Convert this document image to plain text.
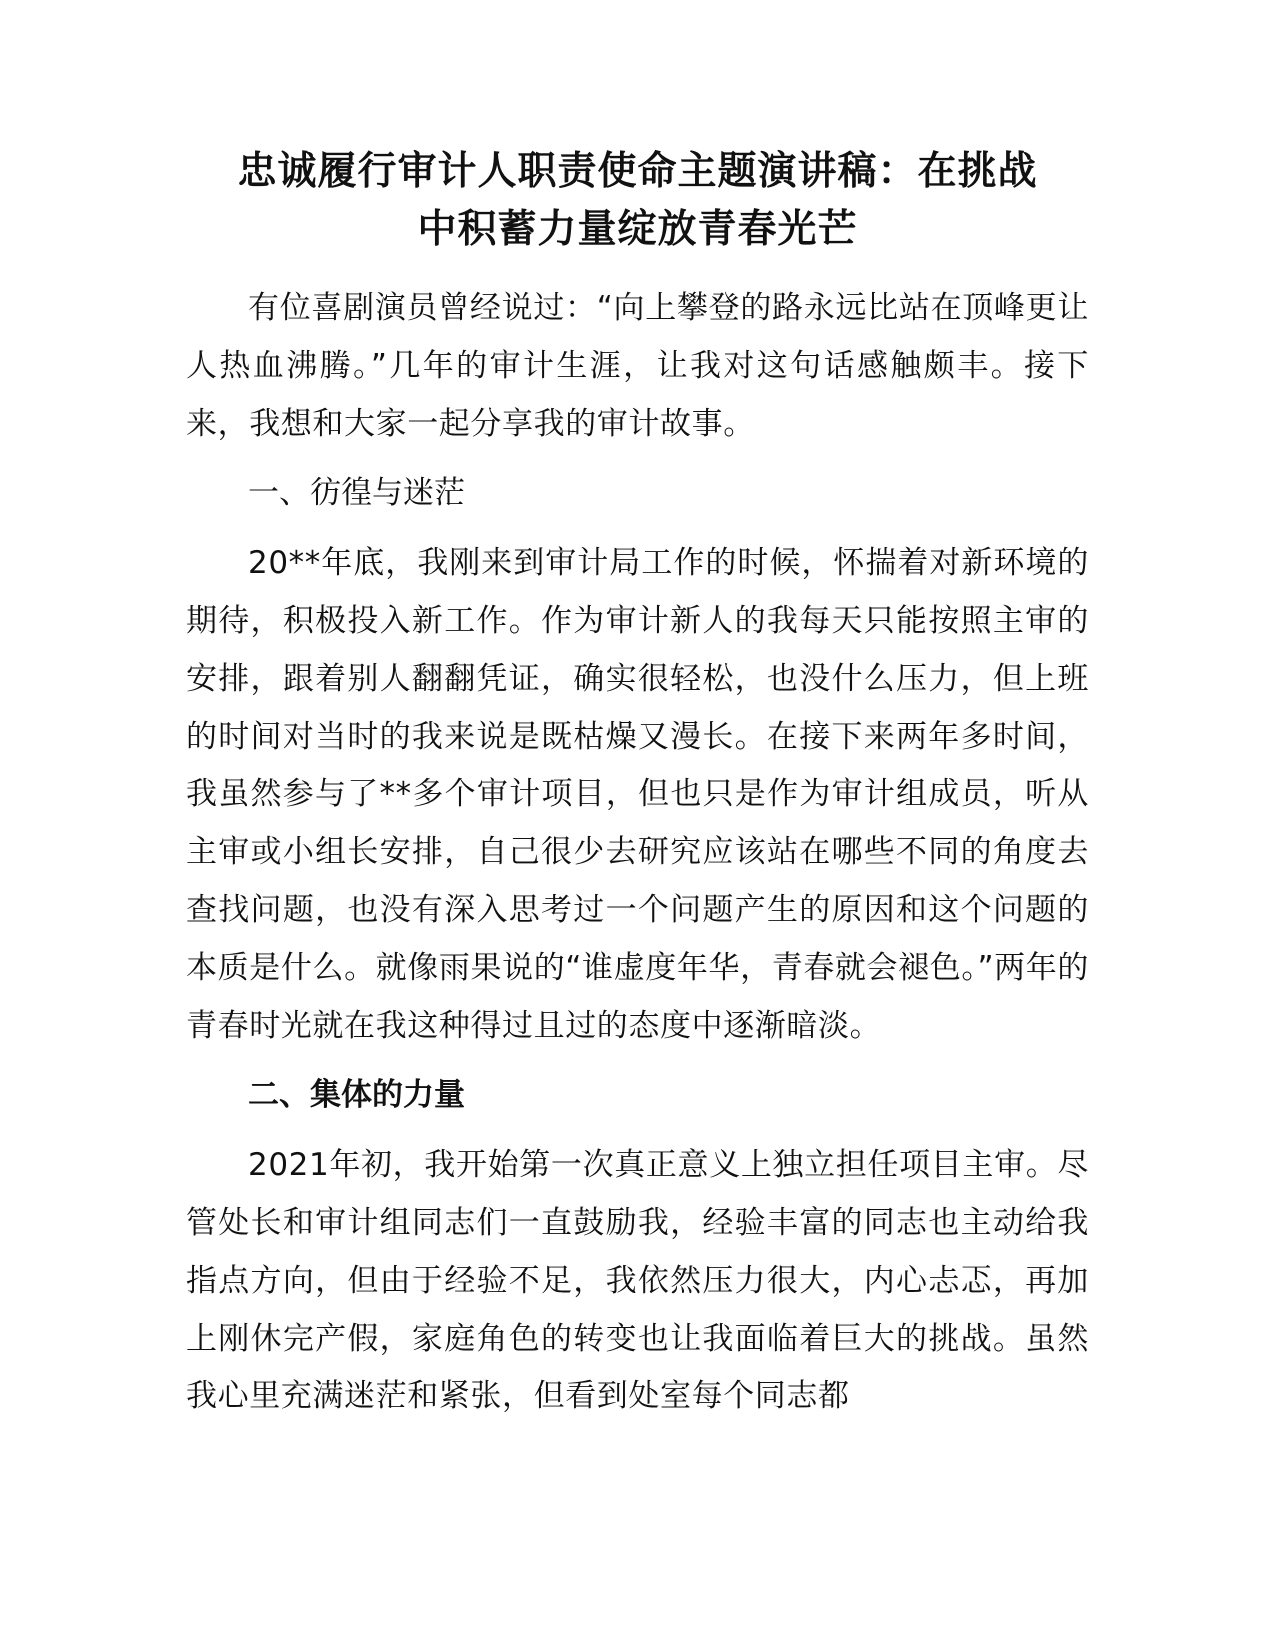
忠诚履行审计人职责使命主题演讲稿：在挑战
中积蓄力量绽放青春光芒

有位喜剧演员曾经说过：“向上攀登的路永远比站在顶峰更让人热血沸腾。”几年的审计生涯，让我对这句话感触颇丰。接下来，我想和大家一起分享我的审计故事。

一、彷徨与迷茫

20**年底，我刚来到审计局工作的时候，怀揣着对新环境的期待，积极投入新工作。作为审计新人的我每天只能按照主审的安排，跟着别人翻翻凭证，确实很轻松，也没什么压力，但上班的时间对当时的我来说是既枯燥又漫长。在接下来两年多时间，我虽然参与了**多个审计项目，但也只是作为审计组成员，听从主审或小组长安排，自己很少去研究应该站在哪些不同的角度去查找问题，也没有深入思考过一个问题产生的原因和这个问题的本质是什么。就像雨果说的“谁虚度年华，青春就会褪色。”两年的青春时光就在我这种得过且过的态度中逐渐暗淡。

二、集体的力量

2021年初，我开始第一次真正意义上独立担任项目主审。尽管处长和审计组同志们一直鼓励我，经验丰富的同志也主动给我指点方向，但由于经验不足，我依然压力很大，内心忐忑，再加上刚休完产假，家庭角色的转变也让我面临着巨大的挑战。虽然我心里充满迷茫和紧张，但看到处室每个同志都
